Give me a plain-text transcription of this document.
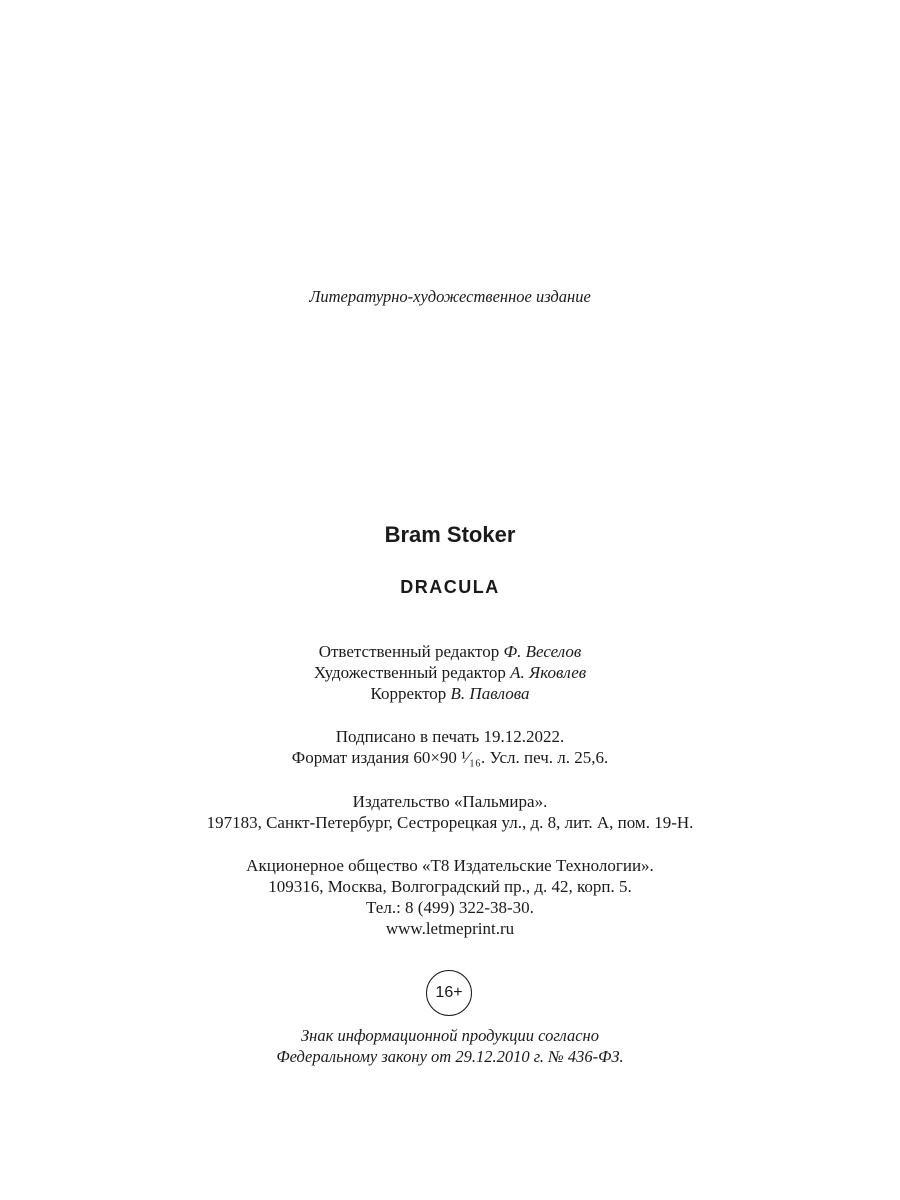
Литературно-художественное издание
Bram Stoker
DRACULA
Ответственный редактор Ф. Веселов
Художественный редактор А. Яковлев
Корректор В. Павлова
Подписано в печать 19.12.2022.
Формат издания 60×90 ¹⁄₁₆. Усл. печ. л. 25,6.
Издательство «Пальмира».
197183, Санкт-Петербург, Сестрорецкая ул., д. 8, лит. А, пом. 19-Н.
Акционерное общество «Т8 Издательские Технологии».
109316, Москва, Волгоградский пр., д. 42, корп. 5.
Тел.: 8 (499) 322-38-30.
www.letmeprint.ru
16+
Знак информационной продукции согласно
Федеральному закону от 29.12.2010 г. № 436-ФЗ.
